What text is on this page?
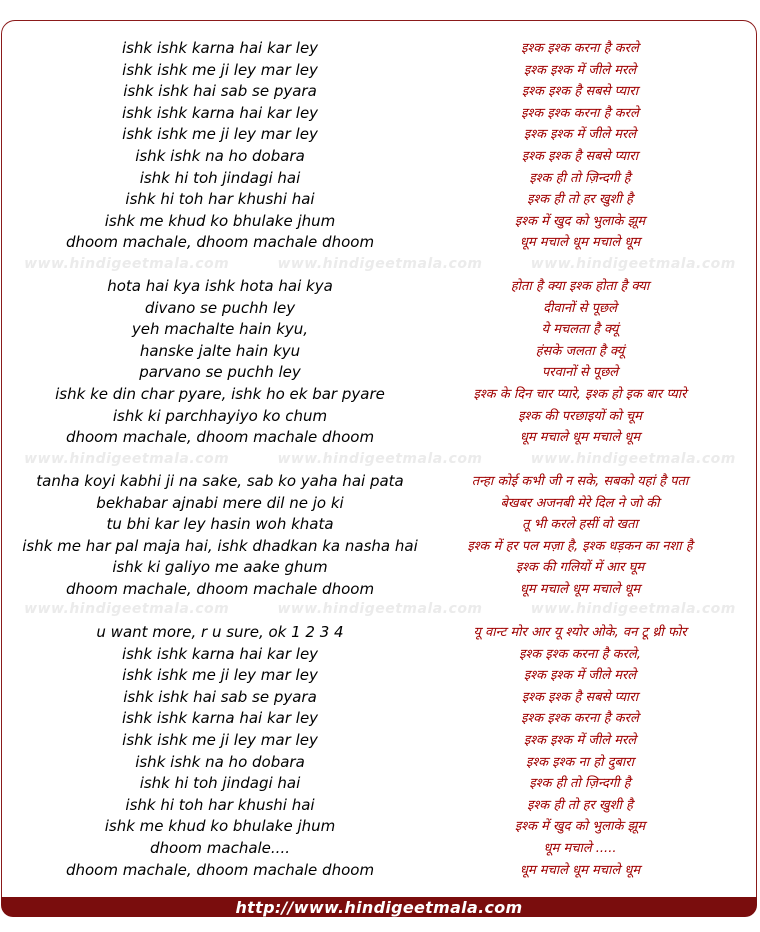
www.hindigeetmala.com	www.hindigeetmala.com	www.hindigeetmala.com
www.hindigeetmala.com	www.hindigeetmala.com	www.hindigeetmala.com
www.hindigeetmala.com	www.hindigeetmala.com	www.hindigeetmala.com
ishk ishk karna hai kar ley	इश्क इश्क करना है करले
ishk ishk me ji ley mar ley	इश्क इश्क में जीले मरले
ishk ishk hai sab se pyara	इश्क इश्क है सबसे प्यारा
ishk ishk karna hai kar ley	इश्क इश्क करना है करले
ishk ishk me ji ley mar ley	इश्क इश्क में जीले मरले
ishk ishk na ho dobara	इश्क इश्क है सबसे प्यारा
ishk hi toh jindagi hai	इश्क ही तो ज़िन्दगी है
ishk hi toh har khushi hai	इश्क ही तो हर खुशी है
ishk me khud ko bhulake jhum	इश्क में खुद को भुलाके झूम
dhoom machale, dhoom machale dhoom	धूम मचाले धूम मचाले धूम
hota hai kya ishk hota hai kya	होता है क्या इश्क होता है क्या
divano se puchh ley	दीवानों से पूछले
yeh machalte hain kyu,	ये मचलता है क्यूं
hanske jalte hain kyu	हंसके जलता है क्यूं
parvano se puchh ley	परवानों से पूछले
ishk ke din char pyare, ishk ho ek bar pyare	इश्क के दिन चार प्यारे, इश्क हो इक बार प्यारे
ishk ki parchhayiyo ko chum	इश्क की परछाइयों को चूम
dhoom machale, dhoom machale dhoom	धूम मचाले धूम मचाले धूम
tanha koyi kabhi ji na sake, sab ko yaha hai pata	तन्हा कोई कभी जी न सके, सबको यहां है पता
bekhabar ajnabi mere dil ne jo ki	बेखबर अजनबी मेरे दिल ने जो की
tu bhi kar ley hasin woh khata	तू भी करले हसीं वो खता
ishk me har pal maja hai, ishk dhadkan ka nasha hai	इश्क में हर पल मज़ा है, इश्क धड़कन का नशा है
ishk ki galiyo me aake ghum	इश्क की गलियों में आर घूम
dhoom machale, dhoom machale dhoom	धूम मचाले धूम मचाले धूम
u want more, r u sure, ok 1 2 3 4	यू वान्ट मोर आर यू श्योर ओके, वन टू थ्री फोर
ishk ishk karna hai kar ley	इश्क इश्क करना है करले,
ishk ishk me ji ley mar ley	इश्क इश्क में जीले मरले
ishk ishk hai sab se pyara	इश्क इश्क है सबसे प्यारा
ishk ishk karna hai kar ley	इश्क इश्क करना है करले
ishk ishk me ji ley mar ley	इश्क इश्क में जीले मरले
ishk ishk na ho dobara	इश्क इश्क ना हो दुबारा
ishk hi toh jindagi hai	इश्क ही तो ज़िन्दगी है
ishk hi toh har khushi hai	इश्क ही तो हर खुशी है
ishk me khud ko bhulake jhum	इश्क में खुद को भुलाके झूम
dhoom machale....	धूम मचाले .....
dhoom machale, dhoom machale dhoom	धूम मचाले धूम मचाले धूम
http://www.hindigeetmala.com
